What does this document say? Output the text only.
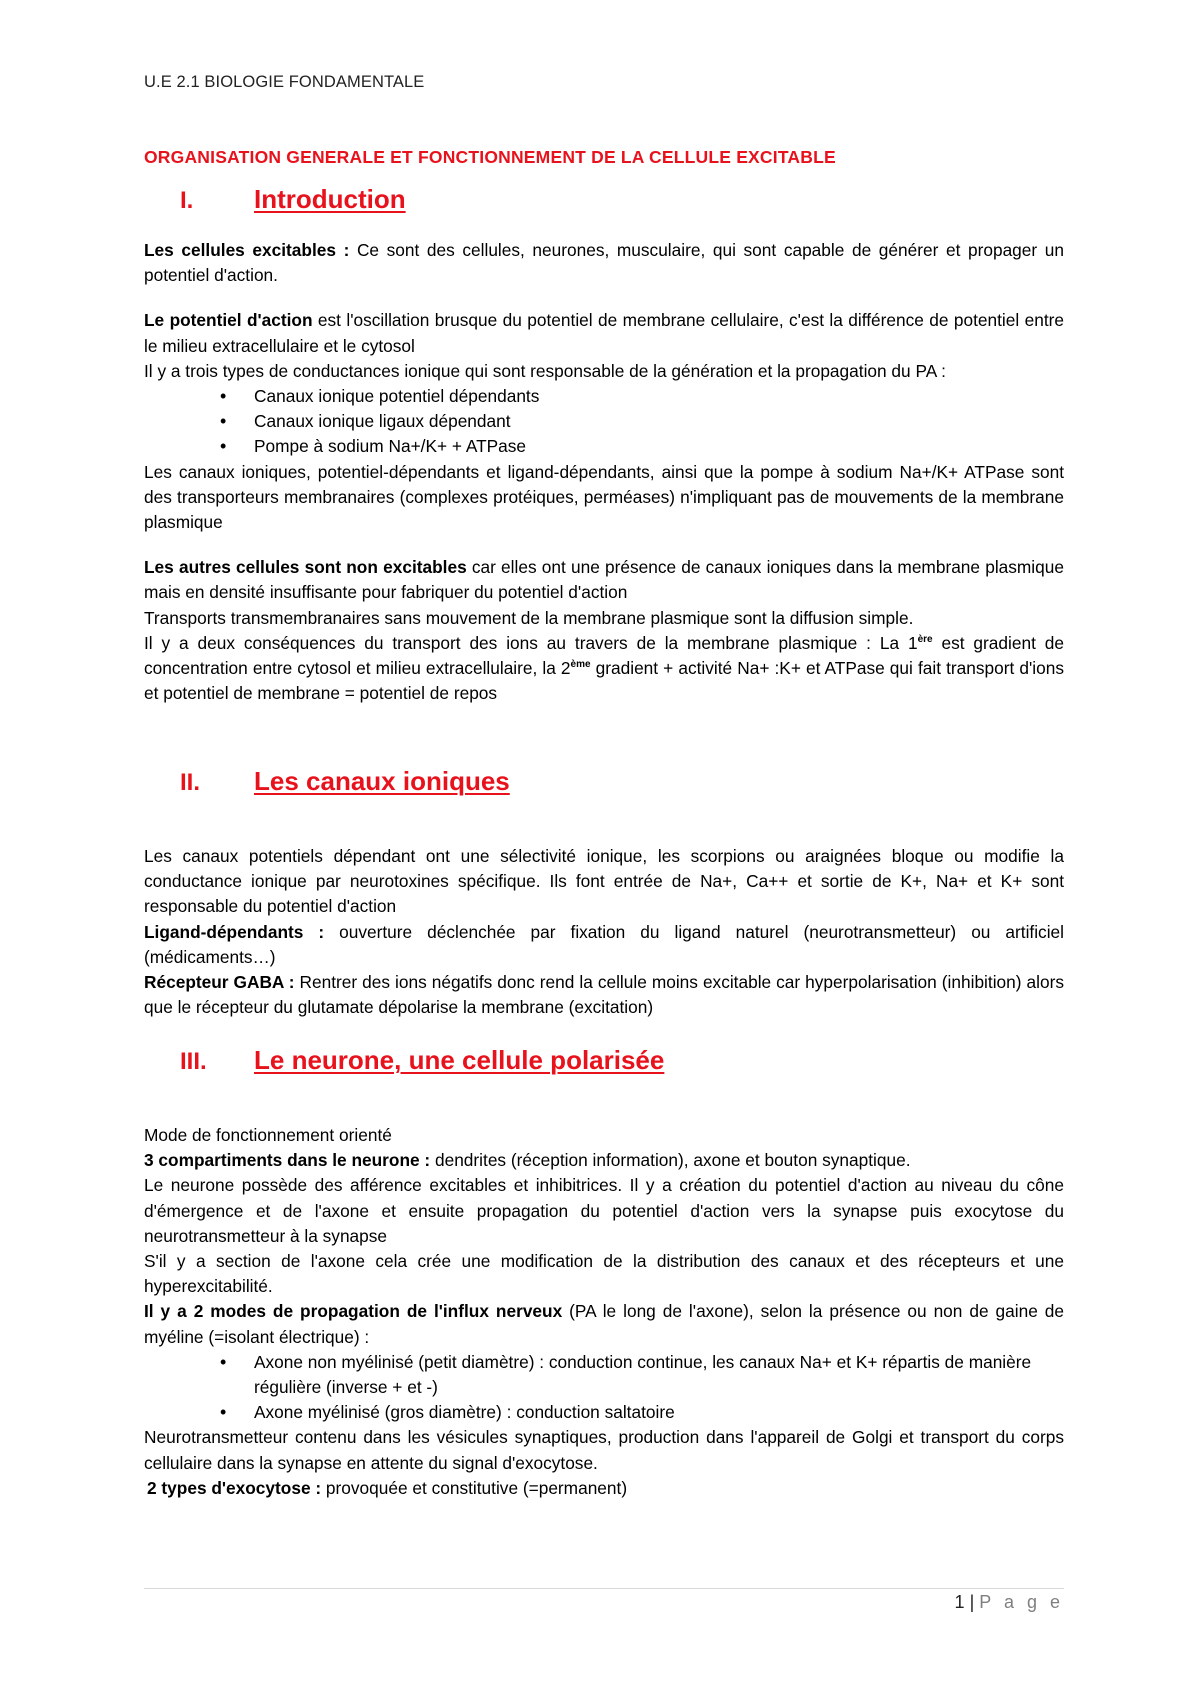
U.E 2.1 BIOLOGIE FONDAMENTALE
ORGANISATION GENERALE ET FONCTIONNEMENT DE LA CELLULE EXCITABLE
I.	Introduction

Les cellules excitables : Ce sont des cellules, neurones, musculaire, qui sont capable de générer et propager un potentiel d'action.

Le potentiel d'action est l'oscillation brusque du potentiel de membrane cellulaire, c'est la différence de potentiel entre le milieu extracellulaire et le cytosol

Il y a trois types de conductances ionique qui sont responsable de la génération et la propagation du PA :

• Canaux ionique potentiel dépendants
• Canaux ionique ligaux dépendant
• Pompe à sodium Na+/K+ + ATPase

Les canaux ioniques, potentiel-dépendants et ligand-dépendants, ainsi que la pompe à sodium Na+/K+ ATPase sont des transporteurs membranaires (complexes protéiques, perméases) n'impliquant pas de mouvements de la membrane plasmique

Les autres cellules sont non excitables car elles ont une présence de canaux ioniques dans la membrane plasmique mais en densité insuffisante pour fabriquer du potentiel d'action

Transports transmembranaires sans mouvement de la membrane plasmique sont la diffusion simple.

Il y a deux conséquences du transport des ions au travers de la membrane plasmique : La 1ère est gradient de concentration entre cytosol et milieu extracellulaire, la 2ème gradient + activité Na+ :K+ et ATPase qui fait transport d'ions et potentiel de membrane = potentiel de repos

II.	Les canaux ioniques

Les canaux potentiels dépendant ont une sélectivité ionique, les scorpions ou araignées bloque ou modifie la conductance ionique par neurotoxines spécifique. Ils font entrée de Na+, Ca++ et sortie de K+, Na+ et K+ sont responsable du potentiel d'action

Ligand-dépendants : ouverture déclenchée par fixation du ligand naturel (neurotransmetteur) ou artificiel (médicaments…)

Récepteur GABA : Rentrer des ions négatifs donc rend la cellule moins excitable car hyperpolarisation (inhibition) alors que le récepteur du glutamate dépolarise la membrane (excitation)

III.	Le neurone, une cellule polarisée

Mode de fonctionnement orienté

3 compartiments dans le neurone : dendrites (réception information), axone et bouton synaptique.

Le neurone possède des afférence excitables et inhibitrices. Il y a création du potentiel d'action au niveau du cône d'émergence et de l'axone et ensuite propagation du potentiel d'action vers la synapse puis exocytose du neurotransmetteur à la synapse

S'il y a section de l'axone cela crée une modification de la distribution des canaux et des récepteurs et une hyperexcitabilité.

Il y a 2 modes de propagation de l'influx nerveux (PA le long de l'axone), selon la présence ou non de gaine de myéline (=isolant électrique) :

• Axone non myélinisé (petit diamètre) : conduction continue, les canaux Na+ et K+ répartis de manière régulière (inverse + et -)
• Axone myélinisé (gros diamètre) : conduction saltatoire

Neurotransmetteur contenu dans les vésicules synaptiques, production dans l'appareil de Golgi et transport du corps cellulaire dans la synapse en attente du signal d'exocytose.

2 types d'exocytose : provoquée et constitutive (=permanent)

1 | P a g e
